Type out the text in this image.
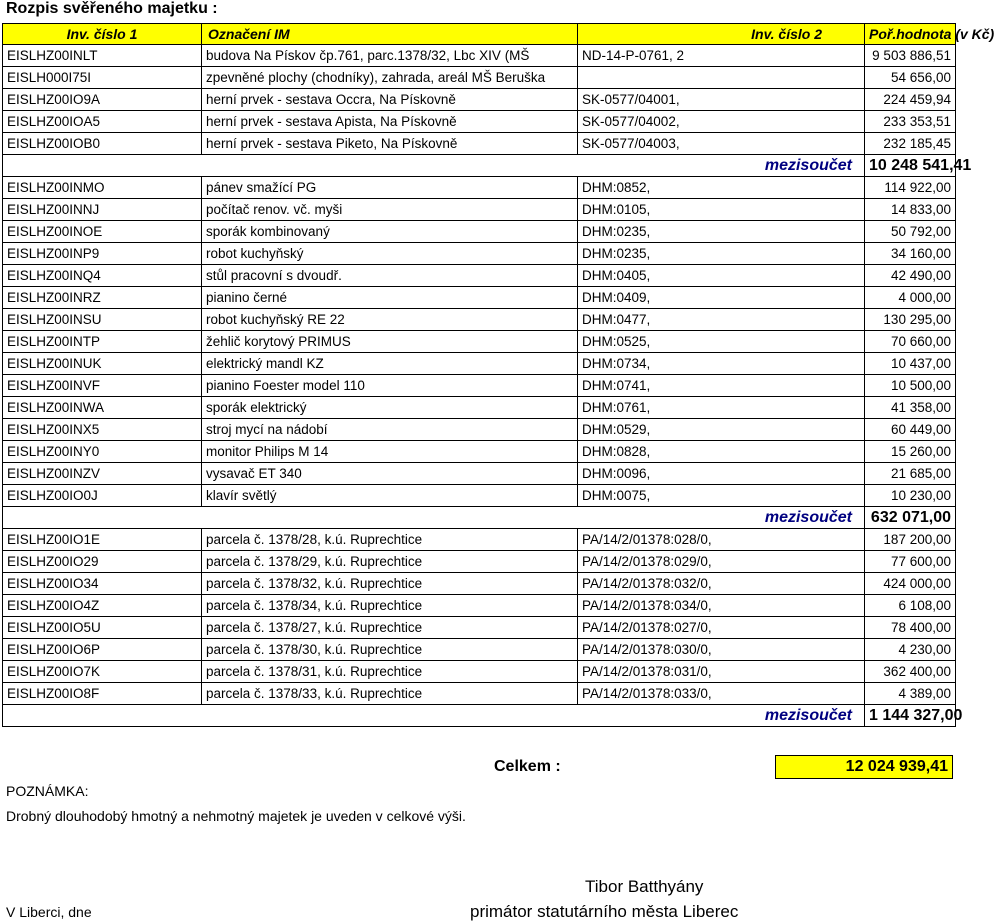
Rozpis svěřeného majetku :
Inv. číslo 1	Označení IM	Inv. číslo 2	Poř.hodnota (v Kč)
EISLHZ00INLT	budova Na Pískov čp.761, parc.1378/32, Lbc XIV (MŠ	ND-14-P-0761, 2	9 503 886,51
EISLH000I75I	zpevněné plochy (chodníky), zahrada, areál MŠ Beruška		54 656,00
EISLHZ00IO9A	herní prvek - sestava Occra, Na Pískovně	SK-0577/04001,	224 459,94
EISLHZ00IOA5	herní prvek - sestava Apista, Na Pískovně	SK-0577/04002,	233 353,51
EISLHZ00IOB0	herní prvek - sestava Piketo, Na Pískovně	SK-0577/04003,	232 185,45
mezisoučet			10 248 541,41
EISLHZ00INMO	pánev smažící PG	DHM:0852,	114 922,00
EISLHZ00INNJ	počítač renov. vč. myši	DHM:0105,	14 833,00
EISLHZ00INOE	sporák kombinovaný	DHM:0235,	50 792,00
EISLHZ00INP9	robot kuchyňský	DHM:0235,	34 160,00
EISLHZ00INQ4	stůl pracovní s dvoudř.	DHM:0405,	42 490,00
EISLHZ00INRZ	pianino černé	DHM:0409,	4 000,00
EISLHZ00INSU	robot kuchyňský RE 22	DHM:0477,	130 295,00
EISLHZ00INTP	žehlič korytový PRIMUS	DHM:0525,	70 660,00
EISLHZ00INUK	elektrický mandl KZ	DHM:0734,	10 437,00
EISLHZ00INVF	pianino Foester model 110	DHM:0741,	10 500,00
EISLHZ00INWA	sporák elektrický	DHM:0761,	41 358,00
EISLHZ00INX5	stroj mycí na nádobí	DHM:0529,	60 449,00
EISLHZ00INY0	monitor Philips M 14	DHM:0828,	15 260,00
EISLHZ00INZV	vysavač ET 340	DHM:0096,	21 685,00
EISLHZ00IO0J	klavír světlý	DHM:0075,	10 230,00
mezisoučet			632 071,00
EISLHZ00IO1E	parcela č. 1378/28, k.ú. Ruprechtice	PA/14/2/01378:028/0,	187 200,00
EISLHZ00IO29	parcela č. 1378/29, k.ú. Ruprechtice	PA/14/2/01378:029/0,	77 600,00
EISLHZ00IO34	parcela č. 1378/32, k.ú. Ruprechtice	PA/14/2/01378:032/0,	424 000,00
EISLHZ00IO4Z	parcela č. 1378/34, k.ú. Ruprechtice	PA/14/2/01378:034/0,	6 108,00
EISLHZ00IO5U	parcela č. 1378/27, k.ú. Ruprechtice	PA/14/2/01378:027/0,	78 400,00
EISLHZ00IO6P	parcela č. 1378/30, k.ú. Ruprechtice	PA/14/2/01378:030/0,	4 230,00
EISLHZ00IO7K	parcela č. 1378/31, k.ú. Ruprechtice	PA/14/2/01378:031/0,	362 400,00
EISLHZ00IO8F	parcela č. 1378/33, k.ú. Ruprechtice	PA/14/2/01378:033/0,	4 389,00
mezisoučet			1 144 327,00
Celkem :	12 024 939,41
POZNÁMKA:
Drobný dlouhodobý hmotný a nehmotný majetek je uveden v celkové výši.
V Liberci, dne
Tibor Batthyány
primátor statutárního města Liberec
